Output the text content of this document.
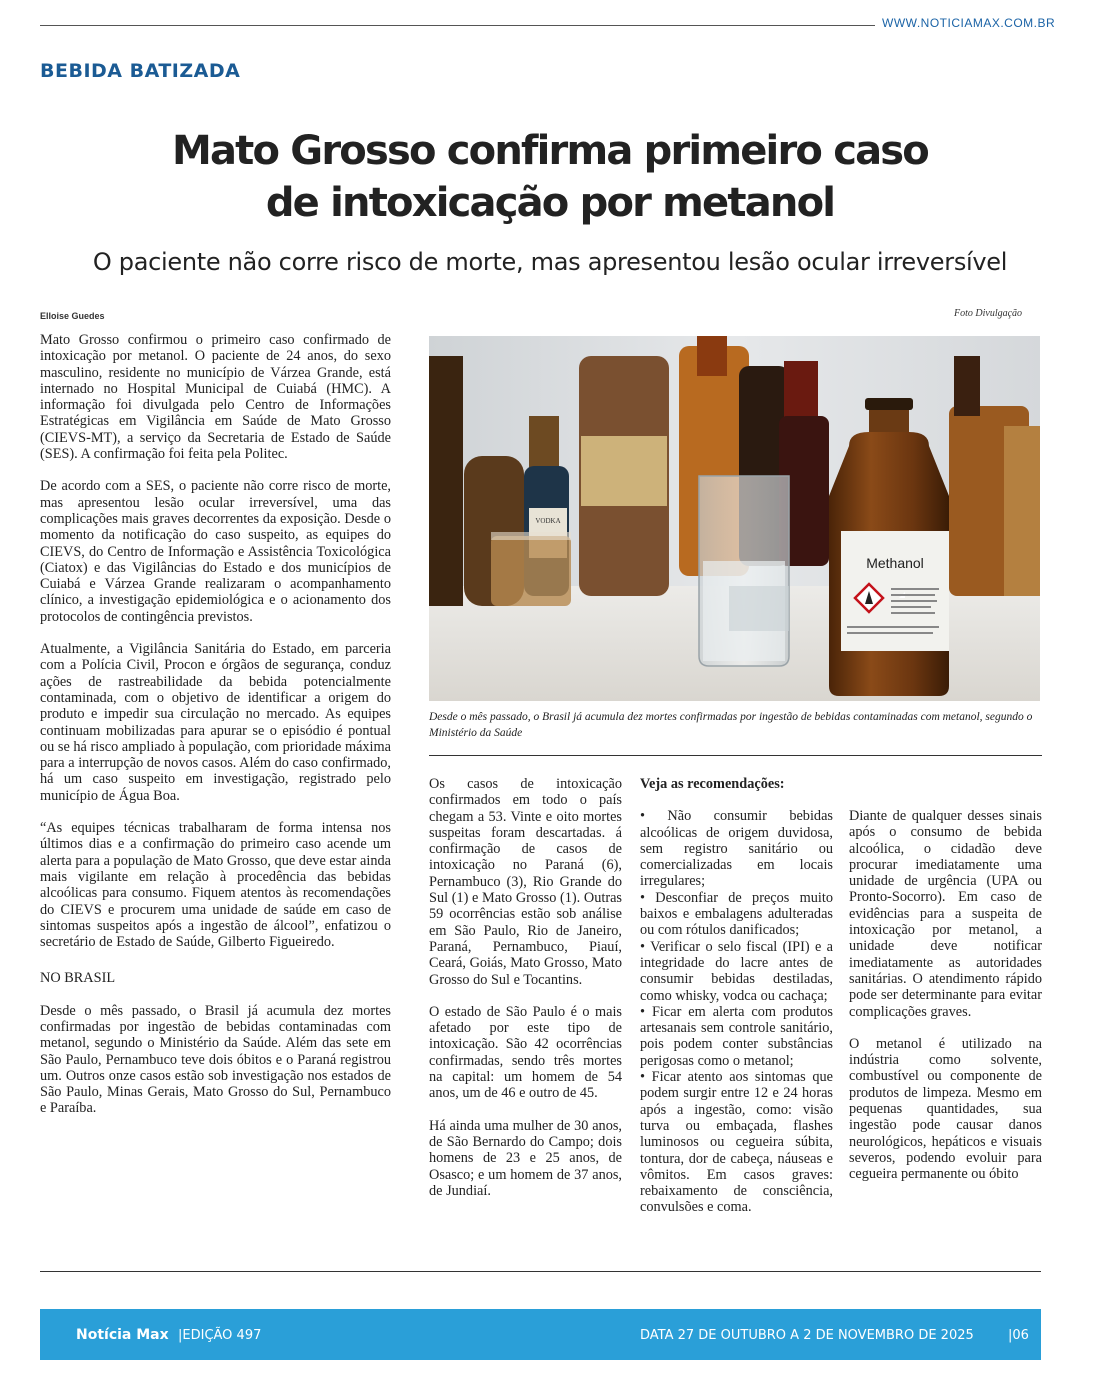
WWW.NOTICIAMAX.COM.BR
BEBIDA BATIZADA
Mato Grosso confirma primeiro caso
de intoxicação por metanol
O paciente não corre risco de morte, mas apresentou lesão ocular irreversível
Elloise Guedes	Foto Divulgação

Mato Grosso confirmou o primeiro caso confirmado de intoxicação por metanol. O paciente de 24 anos, do sexo masculino, residente no município de Várzea Grande, está internado no Hospital Municipal de Cuiabá (HMC). A informação foi divulgada pelo Centro de Informações Estratégicas em Vigilância em Saúde de Mato Grosso (CIEVS-MT), a serviço da Secretaria de Estado de Saúde (SES). A confirmação foi feita pela Politec.

De acordo com a SES, o paciente não corre risco de morte, mas apresentou lesão ocular irreversível, uma das complicações mais graves decorrentes da exposição. Desde o momento da notificação do caso suspeito, as equipes do CIEVS, do Centro de Informação e Assistência Toxicológica (Ciatox) e das Vigilâncias do Estado e dos municípios de Cuiabá e Várzea Grande realizaram o acompanhamento clínico, a investigação epidemiológica e o acionamento dos protocolos de contingência previstos.

Atualmente, a Vigilância Sanitária do Estado, em parceria com a Polícia Civil, Procon e órgãos de segurança, conduz ações de rastreabilidade da bebida potencialmente contaminada, com o objetivo de identificar a origem do produto e impedir sua circulação no mercado. As equipes continuam mobilizadas para apurar se o episódio é pontual ou se há risco ampliado à população, com prioridade máxima para a interrupção de novos casos. Além do caso confirmado, há um caso suspeito em investigação, registrado pelo município de Água Boa.

“As equipes técnicas trabalharam de forma intensa nos últimos dias e a confirmação do primeiro caso acende um alerta para a população de Mato Grosso, que deve estar ainda mais vigilante em relação à procedência das bebidas alcoólicas para consumo. Fiquem atentos às recomendações do CIEVS e procurem uma unidade de saúde em caso de sintomas suspeitos após a ingestão de álcool”, enfatizou o secretário de Estado de Saúde, Gilberto Figueiredo.

NO BRASIL

Desde o mês passado, o Brasil já acumula dez mortes confirmadas por ingestão de bebidas contaminadas com metanol, segundo o Ministério da Saúde. Além das sete em São Paulo, Pernambuco teve dois óbitos e o Paraná registrou um. Outros onze casos estão sob investigação nos estados de São Paulo, Minas Gerais, Mato Grosso do Sul, Pernambuco e Paraíba.

VODKA
Methanol
Desde o mês passado, o Brasil já acumula dez mortes confirmadas por ingestão de bebidas contaminadas com metanol, segundo o Ministério da Saúde

Os casos de intoxicação confirmados em todo o país chegam a 53. Vinte e oito mortes suspeitas foram descartadas. á confirmação de casos de intoxicação no Paraná (6), Pernambuco (3), Rio Grande do Sul (1) e Mato Grosso (1). Outras 59 ocorrências estão sob análise em São Paulo, Rio de Janeiro, Paraná, Pernambuco, Piauí, Ceará, Goiás, Mato Grosso, Mato Grosso do Sul e Tocantins.

O estado de São Paulo é o mais afetado por este tipo de intoxicação. São 42 ocorrências confirmadas, sendo três mortes na capital: um homem de 54 anos, um de 46 e outro de 45.

Há ainda uma mulher de 30 anos, de São Bernardo do Campo; dois homens de 23 e 25 anos, de Osasco; e um homem de 37 anos, de Jundiaí.

Veja as recomendações:

• Não consumir bebidas alcoólicas de origem duvidosa, sem registro sanitário ou comercializadas em locais irregulares;

• Desconfiar de preços muito baixos e embalagens adulteradas ou com rótulos danificados;

• Verificar o selo fiscal (IPI) e a integridade do lacre antes de consumir bebidas destiladas, como whisky, vodca ou cachaça;

• Ficar em alerta com produtos artesanais sem controle sanitário, pois podem conter substâncias perigosas como o metanol;

• Ficar atento aos sintomas que podem surgir entre 12 e 24 horas após a ingestão, como: visão turva ou embaçada, flashes luminosos ou cegueira súbita, tontura, dor de cabeça, náuseas e vômitos. Em casos graves: rebaixamento de consciência, convulsões e coma.

Diante de qualquer desses sinais após o consumo de bebida alcoólica, o cidadão deve procurar imediatamente uma unidade de urgência (UPA ou Pronto-Socorro). Em caso de evidências para a suspeita de intoxicação por metanol, a unidade deve notificar imediatamente as autoridades sanitárias. O atendimento rápido pode ser determinante para evitar complicações graves.

O metanol é utilizado na indústria como solvente, combustível ou componente de produtos de limpeza. Mesmo em pequenas quantidades, sua ingestão pode causar danos neurológicos, hepáticos e visuais severos, podendo evoluir para cegueira permanente ou óbito

Notícia Max |EDIÇÃO 497	DATA 27 DE OUTUBRO A 2 DE NOVEMBRO DE 2025	|06
